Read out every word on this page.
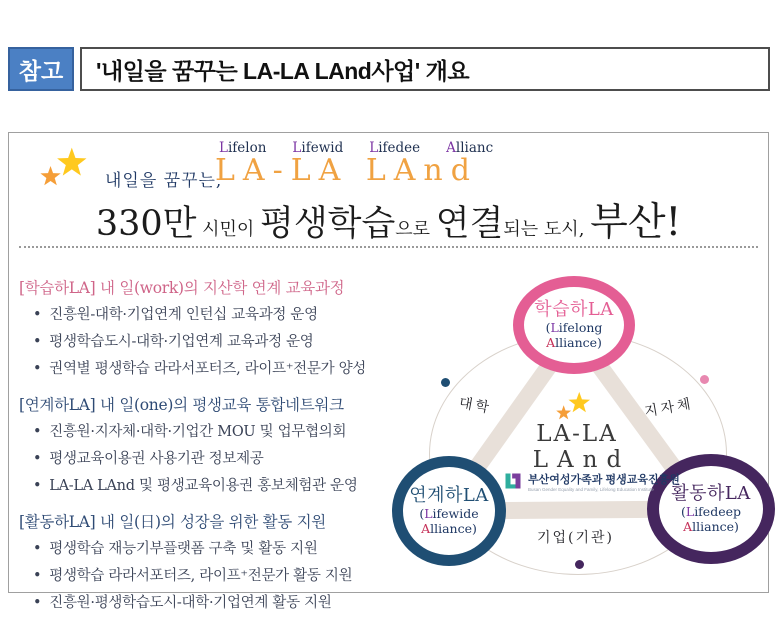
참고	'내일을 꿈꾸는 LA-LA LAnd사업' 개요
내일을 꿈꾸는,
Lifelon Lifewid Lifedee Allianc
LA-LA LAnd
330만 시민이 평생학습으로 연결되는 도시, 부산!
[학습하LA] 내 일(work)의 지산학 연계 교육과정
• 진흥원-대학·기업연계 인턴십 교육과정 운영
• 평생학습도시-대학·기업연계 교육과정 운영
• 권역별 평생학습 라라서포터즈, 라이프⁺전문가 양성
[연계하LA] 내 일(one)의 평생교육 통합네트워크
• 진흥원·지자체·대학·기업간 MOU 및 업무협의회
• 평생교육이용권 사용기관 정보제공
• LA-LA LAnd 및 평생교육이용권 홍보체험관 운영
[활동하LA] 내 일(日)의 성장을 위한 활동 지원
• 평생학습 재능기부플랫폼 구축 및 활동 지원
• 평생학습 라라서포터즈, 라이프⁺전문가 활동 지원
• 진흥원·평생학습도시-대학·기업연계 활동 지원
학습하LA
(Lifelong
Alliance)
연계하LA
(Lifewide
Alliance)
활동하LA
(Lifedeep
Alliance)
대학	지자체
기업(기관)
LA-LA
LAnd
부산여성가족과 평생교육진흥원
Busan Gender Equality and Family, Lifelong Education Institute
